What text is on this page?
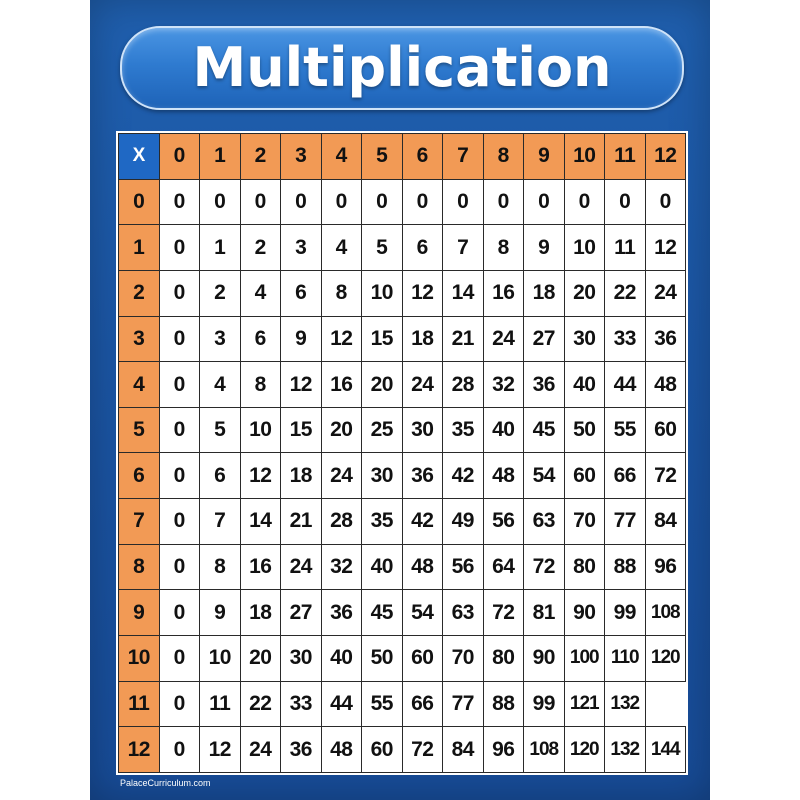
Multiplication
X	0	1	2	3	4	5	6	7	8	9	10	11	12
0	0	0	0	0	0	0	0	0	0	0	0	0	0
1	0	1	2	3	4	5	6	7	8	9	10	11	12
2	0	2	4	6	8	10	12	14	16	18	20	22	24
3	0	3	6	9	12	15	18	21	24	27	30	33	36
4	0	4	8	12	16	20	24	28	32	36	40	44	48
5	0	5	10	15	20	25	30	35	40	45	50	55	60
6	0	6	12	18	24	30	36	42	48	54	60	66	72
7	0	7	14	21	28	35	42	49	56	63	70	77	84
8	0	8	16	24	32	40	48	56	64	72	80	88	96
9	0	9	18	27	36	45	54	63	72	81	90	99	108
10	0	10	20	30	40	50	60	70	80	90	100	110	120
11	0	11	22	33	44	55	66	77	88	99	121	132	
12	0	12	24	36	48	60	72	84	96	108	120	132	144
PalaceCurriculum.com
